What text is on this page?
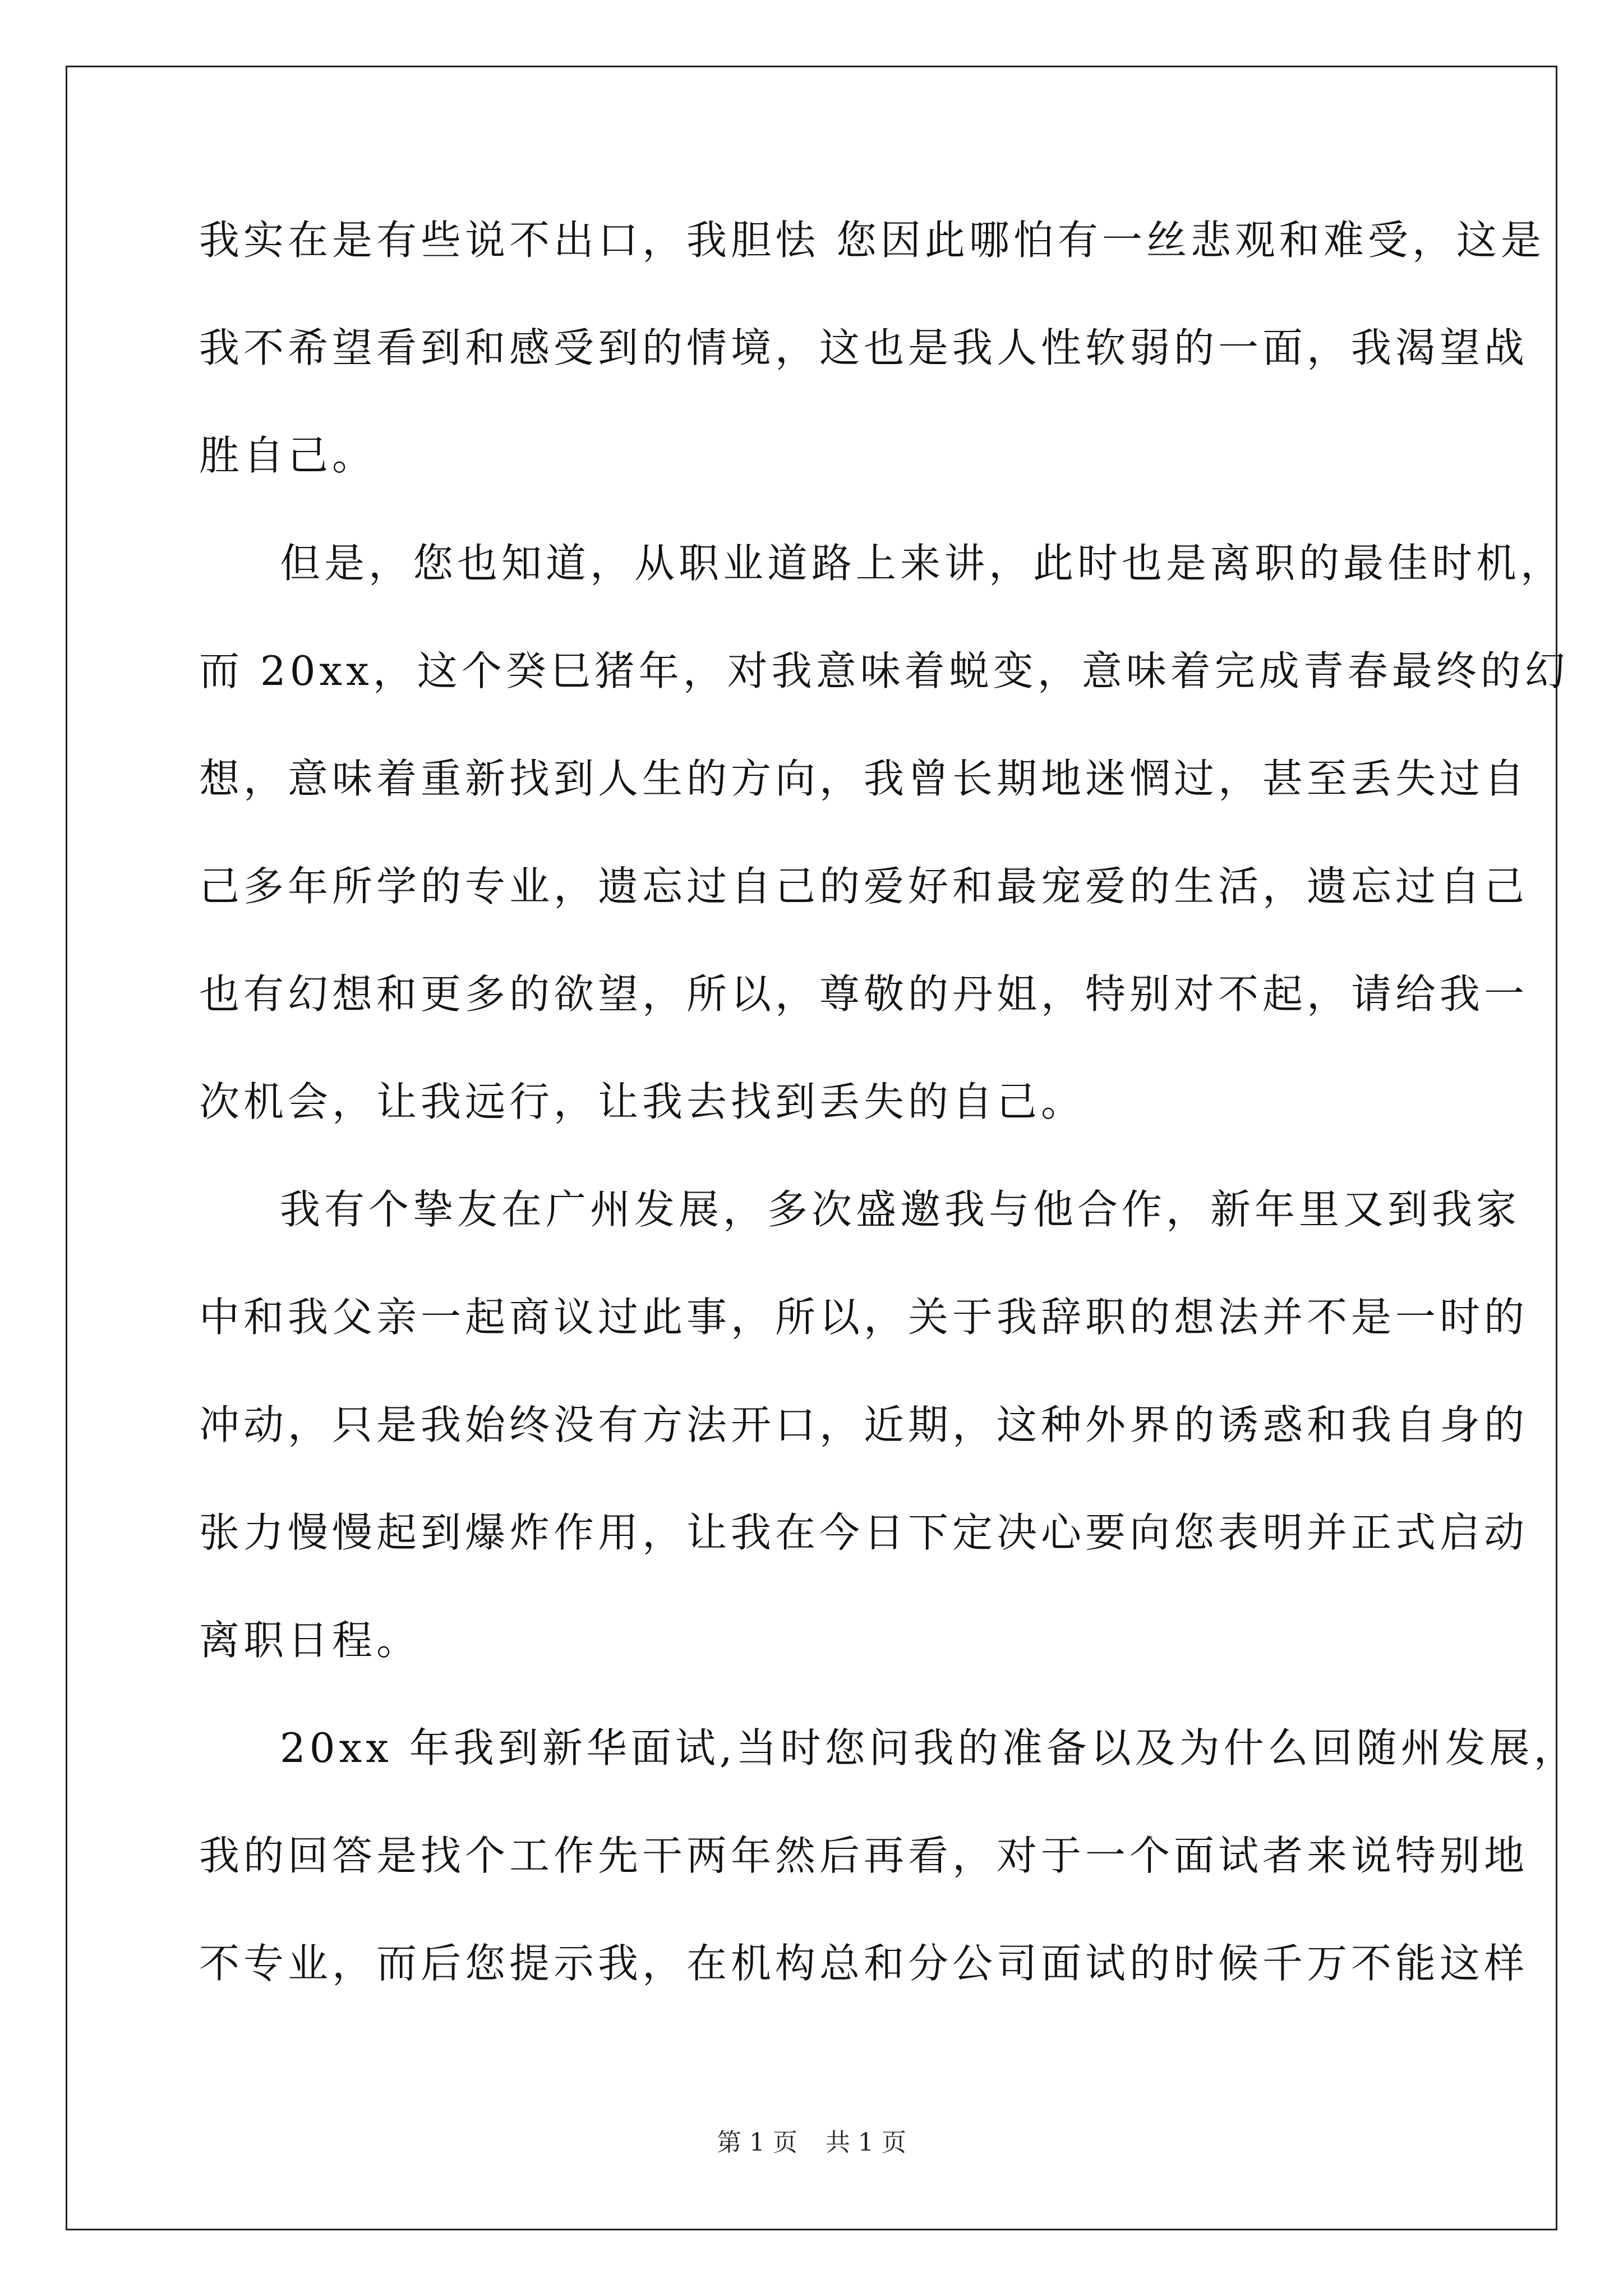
我实在是有些说不出口，我胆怯 您因此哪怕有一丝悲观和难受，这是
我不希望看到和感受到的情境，这也是我人性软弱的一面，我渴望战
胜自己。
但是，您也知道，从职业道路上来讲，此时也是离职的最佳时机，
而 20xx，这个癸巳猪年，对我意味着蜕变，意味着完成青春最终的幻
想，意味着重新找到人生的方向，我曾长期地迷惘过，甚至丢失过自
己多年所学的专业，遗忘过自己的爱好和最宠爱的生活，遗忘过自己
也有幻想和更多的欲望，所以，尊敬的丹姐，特别对不起，请给我一
次机会，让我远行，让我去找到丢失的自己。
我有个挚友在广州发展，多次盛邀我与他合作，新年里又到我家
中和我父亲一起商议过此事，所以，关于我辞职的想法并不是一时的
冲动，只是我始终没有方法开口，近期，这种外界的诱惑和我自身的
张力慢慢起到爆炸作用，让我在今日下定决心要向您表明并正式启动
离职日程。
20xx 年我到新华面试,当时您问我的准备以及为什么回随州发展，
我的回答是找个工作先干两年然后再看，对于一个面试者来说特别地
不专业，而后您提示我，在机构总和分公司面试的时候千万不能这样
第 1 页 共 1 页
